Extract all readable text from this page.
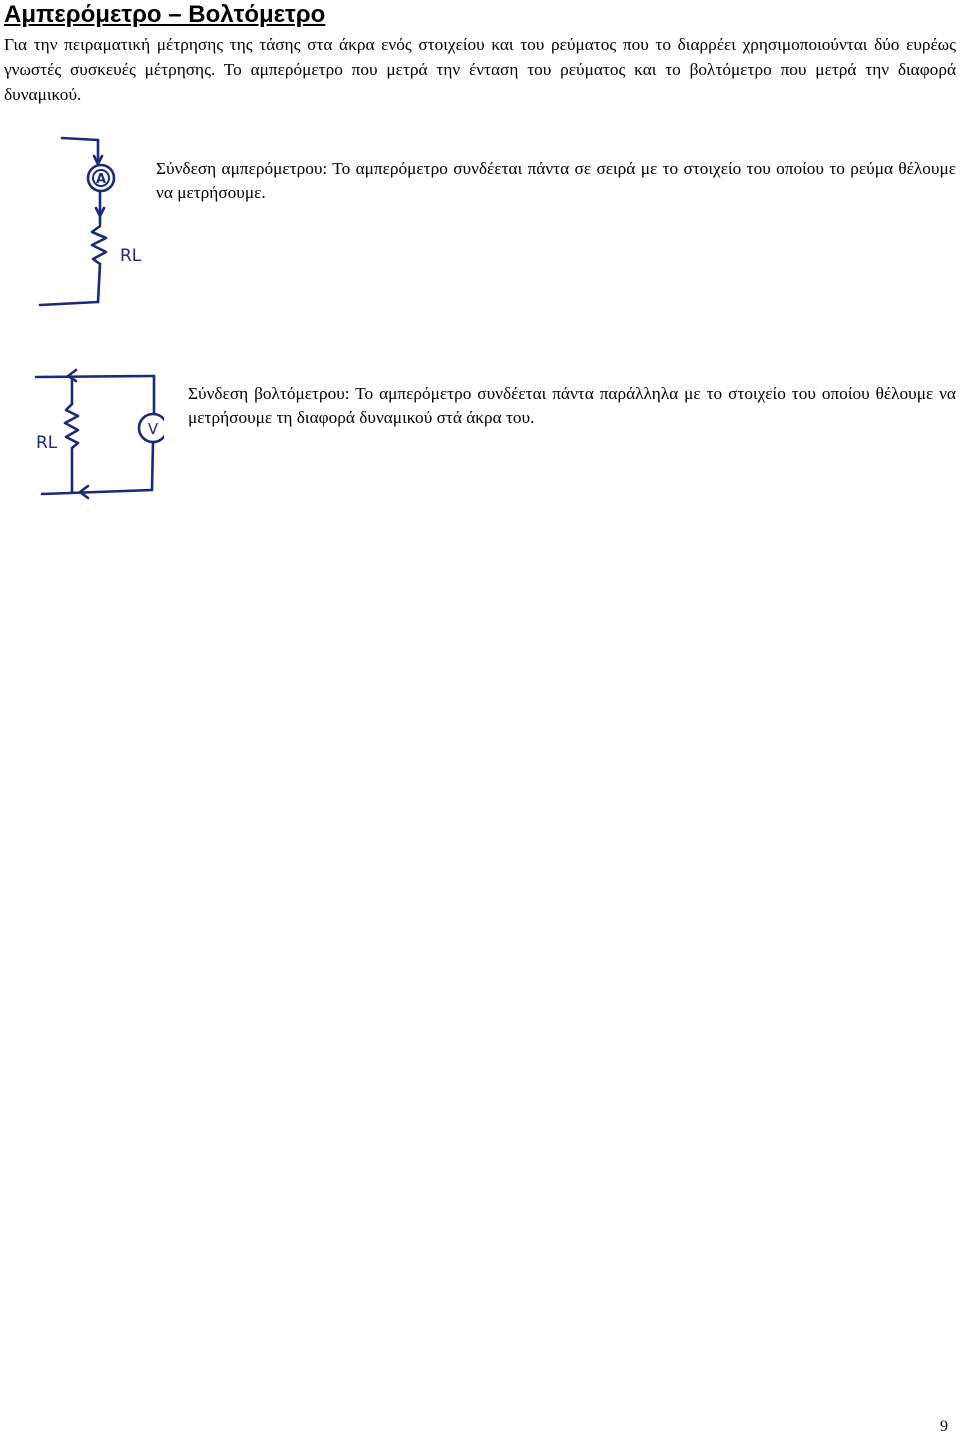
Αμπερόμετρο – Βολτόμετρο

Για την πειραματική μέτρησης της τάσης στα άκρα ενός στοιχείου και του ρεύματος που το διαρρέει χρησιμοποιούνται δύο ευρέως γνωστές συσκευές μέτρησης. Το αμπερόμετρο που μετρά την ένταση του ρεύματος και το βολτόμετρο που μετρά την διαφορά δυναμικού.

A
RL

Σύνδεση αμπερόμετρου: Το αμπερόμετρο συνδέεται πάντα σε σειρά με το στοιχείο του οποίου το ρεύμα θέλουμε να μετρήσουμε.

RL
V

Σύνδεση βολτόμετρου: Το αμπερόμετρο συνδέεται πάντα παράλληλα με το στοιχείο του οποίου θέλουμε να μετρήσουμε τη διαφορά δυναμικού στά άκρα του.

9
